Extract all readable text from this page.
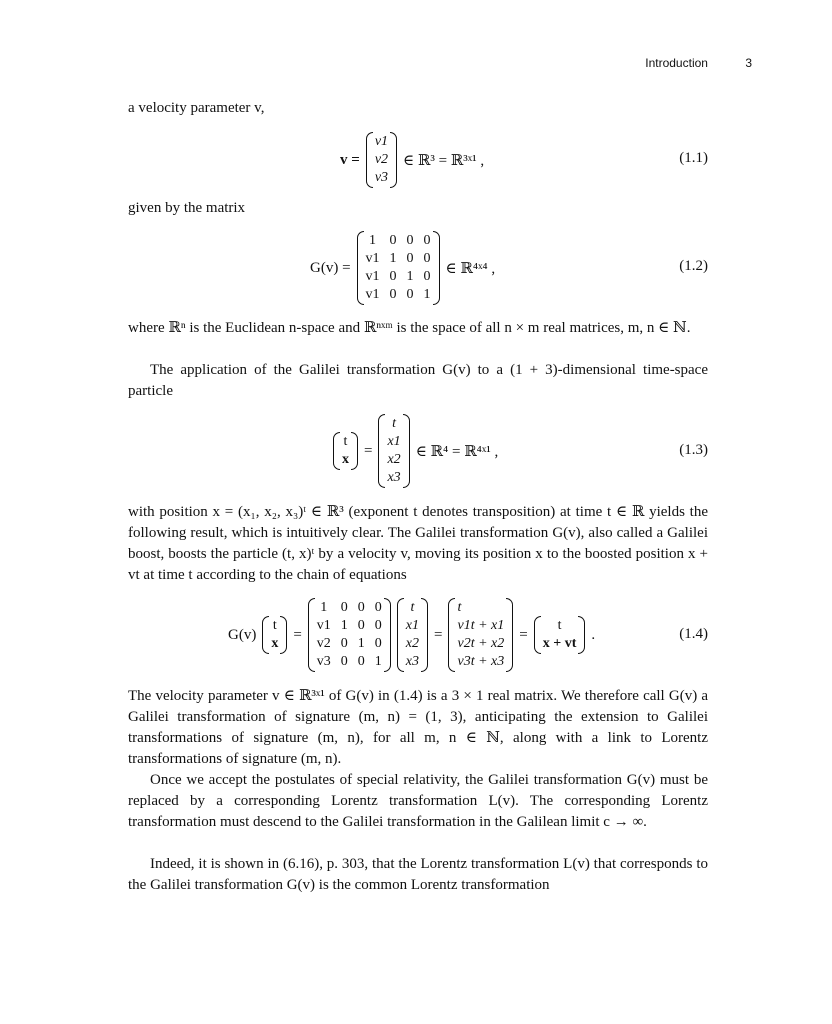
Introduction	3
a velocity parameter v,
v =
v1
v2
v3
∈ ℝ³ = ℝ³ˣ¹ ,	(1.1)
given by the matrix
G(v) =
1 0 0 0
v1 1 0 0
v1 0 1 0
v1 0 0 1
∈ ℝ⁴ˣ⁴ ,	(1.2)
where ℝⁿ is the Euclidean n-space and ℝⁿˣᵐ is the space of all n × m real matrices, m, n ∈ ℕ.
The application of the Galilei transformation G(v) to a (1 + 3)-dimensional time-space particle
t
x
=
t
x1
x2
x3
∈ ℝ⁴ = ℝ⁴ˣ¹ ,	(1.3)
with position x = (x₁, x₂, x₃)ᵗ ∈ ℝ³ (exponent t denotes transposition) at time t ∈ ℝ yields the following result, which is intuitively clear. The Galilei transformation G(v), also called a Galilei boost, boosts the particle (t, x)ᵗ by a velocity v, moving its position x to the boosted position x + vt at time t according to the chain of equations
G(v)
t
x
=
1 0 0 0
v1 1 0 0
v2 0 1 0
v3 0 0 1
t
x1
x2
x3
=
t
v1t + x1
v2t + x2
v3t + x3
=
t
x + vt
.	(1.4)
The velocity parameter v ∈ ℝ³ˣ¹ of G(v) in (1.4) is a 3 × 1 real matrix. We therefore call G(v) a Galilei transformation of signature (m, n) = (1, 3), anticipating the extension to Galilei transformations of signature (m, n), for all m, n ∈ ℕ, along with a link to Lorentz transformations of signature (m, n).
Once we accept the postulates of special relativity, the Galilei transformation G(v) must be replaced by a corresponding Lorentz transformation L(v). The corresponding Lorentz transformation must descend to the Galilei transformation in the Galilean limit c → ∞.
Indeed, it is shown in (6.16), p. 303, that the Lorentz transformation L(v) that corresponds to the Galilei transformation G(v) is the common Lorentz transformation
